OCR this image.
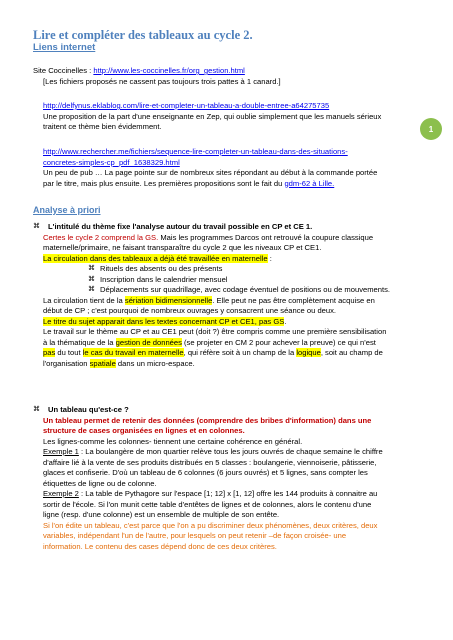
Lire et compléter des tableaux au cycle 2.
Liens internet
Site Coccinelles : http://www.les-coccinelles.fr/org_gestion.html
[Les fichiers proposés ne cassent pas toujours trois pattes à 1 canard.]
http://delfynus.eklablog.com/lire-et-completer-un-tableau-a-double-entree-a64275735
Une proposition de la part d'une enseignante en Zep, qui oublie simplement que les manuels sérieux
traitent ce thème bien évidemment.	1
http://www.rechercher.me/fichiers/sequence-lire-completer-un-tableau-dans-des-situations-
concretes-simples-cp_pdf_1638329.html
Un peu de pub … La page pointe sur de nombreux sites répondant au début à la commande portée
par le titre, mais plus ensuite. Les premières propositions sont le fait du gdm-62 à Lille.
Analyse à priori
⌘	L'intitulé du thème fixe l'analyse autour du travail possible en CP et CE 1.
Certes le cycle 2 comprend la GS. Mais les programmes Darcos ont retrouvé la coupure classique
maternelle/primaire, ne faisant transparaître du cycle 2 que les niveaux CP et CE1.
La circulation dans des tableaux a déjà été travaillée en maternelle :
⌘ Rituels des absents ou des présents
⌘ Inscription dans le calendrier mensuel
⌘ Déplacements sur quadrillage, avec codage éventuel de positions ou de mouvements.
La circulation tient de la sériation bidimensionnelle. Elle peut ne pas être complètement acquise en
début de CP ; c'est pourquoi de nombreux ouvrages y consacrent une séance ou deux.
Le titre du sujet apparait dans les textes concernant CP et CE1, pas GS.
Le travail sur le thème au CP et au CE1 peut (doit ?) être compris comme une première sensibilisation
à la thématique de la gestion de données (se projeter en CM 2 pour achever la preuve) ce qui n'est
pas du tout le cas du travail en maternelle, qui réfère soit à un champ de la logique, soit au champ de
l'organisation spatiale dans un micro-espace.
⌘	Un tableau qu'est-ce ?
Un tableau permet de retenir des données (comprendre des bribes d'information) dans une
structure de cases organisées en lignes et en colonnes.
Les lignes-comme les colonnes- tiennent une certaine cohérence en général.
Exemple 1 : La boulangère de mon quartier relève tous les jours ouvrés de chaque semaine le chiffre
d'affaire lié à la vente de ses produits distribués en 5 classes : boulangerie, viennoiserie, pâtisserie,
glaces et confiserie. D'où un tableau de 6 colonnes (6 jours ouvrés) et 5 lignes, sans compter les
étiquettes de ligne ou de colonne.
Exemple 2 : La table de Pythagore sur l'espace [1; 12] x [1, 12] offre les 144 produits à connaitre au
sortir de l'école. Si l'on munit cette table d'entêtes de lignes et de colonnes, alors le contenu d'une
ligne (resp. d'une colonne) est un ensemble de multiple de son entête.
Si l'on édite un tableau, c'est parce que l'on a pu discriminer deux phénomènes, deux critères, deux
variables, indépendant l'un de l'autre, pour lesquels on peut retenir –de façon croisée- une
information. Le contenu des cases dépend donc de ces deux critères.
